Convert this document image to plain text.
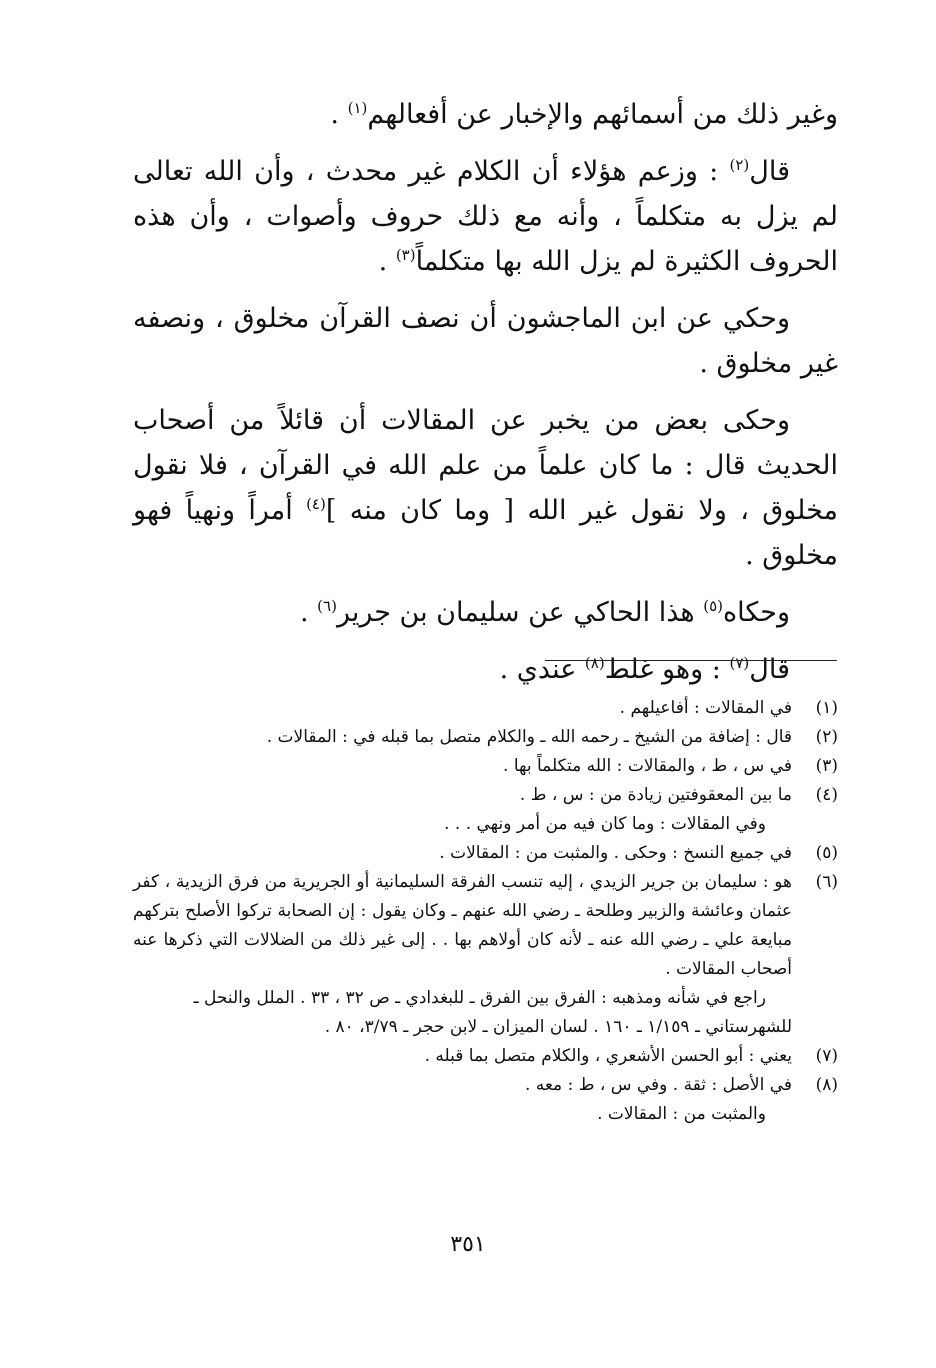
وغير ذلك من أسمائهم والإخبار عن أفعالهم$^{(١)}$ .

قال$^{(٢)}$ : وزعم هؤلاء أن الكلام غير محدث ، وأن الله تعالى لم يزل به متكلماً ، وأنه مع ذلك حروف وأصوات ، وأن هذه الحروف الكثيرة لم يزل الله بها متكلماً$^{(٣)}$ .

وحكي عن ابن الماجشون أن نصف القرآن مخلوق ، ونصفه غير مخلوق .

وحكى بعض من يخبر عن المقالات أن قائلاً من أصحاب الحديث قال : ما كان علماً من علم الله في القرآن ، فلا نقول مخلوق ، ولا نقول غير الله [ وما كان منه ]$^{(٤)}$ أمراً ونهياً فهو مخلوق .

وحكاه$^{(٥)}$ هذا الحاكي عن سليمان بن جرير$^{(٦)}$ .

قال$^{(٧)}$ : وهو غلط$^{(٨)}$ عندي .

(١)
في المقالات : أفاعيلهم .
(٢)
قال : إضافة من الشيخ ـ رحمه الله ـ والكلام متصل بما قبله في : المقالات .
(٣)
في س ، ط ، والمقالات : الله متكلماً بها .
(٤)
ما بين المعقوفتين زيادة من : س ، ط .
وفي المقالات : وما كان فيه من أمر ونهي . . .
(٥)
في جميع النسخ : وحكى . والمثبت من : المقالات .
(٦)
هو : سليمان بن جرير الزيدي ، إليه تنسب الفرقة السليمانية أو الجريرية من فرق الزيدية ، كفر عثمان وعائشة والزبير وطلحة ـ رضي الله عنهم ـ وكان يقول : إن الصحابة تركوا الأصلح بتركهم مبايعة علي ـ رضي الله عنه ـ لأنه كان أولاهم بها . . إلى غير ذلك من الضلالات التي ذكرها عنه أصحاب المقالات .
راجع في شأنه ومذهبه : الفرق بين الفرق ـ للبغدادي ـ ص ٣٢ ، ٣٣ . الملل والنحل ـ للشهرستاني ـ ١/١٥٩ ـ ١٦٠ . لسان الميزان ـ لابن حجر ـ ٣/٧٩، ٨٠ .
(٧)
يعني : أبو الحسن الأشعري ، والكلام متصل بما قبله .
(٨)
في الأصل : ثقة . وفي س ، ط : معه .
والمثبت من : المقالات .
٣٥١
